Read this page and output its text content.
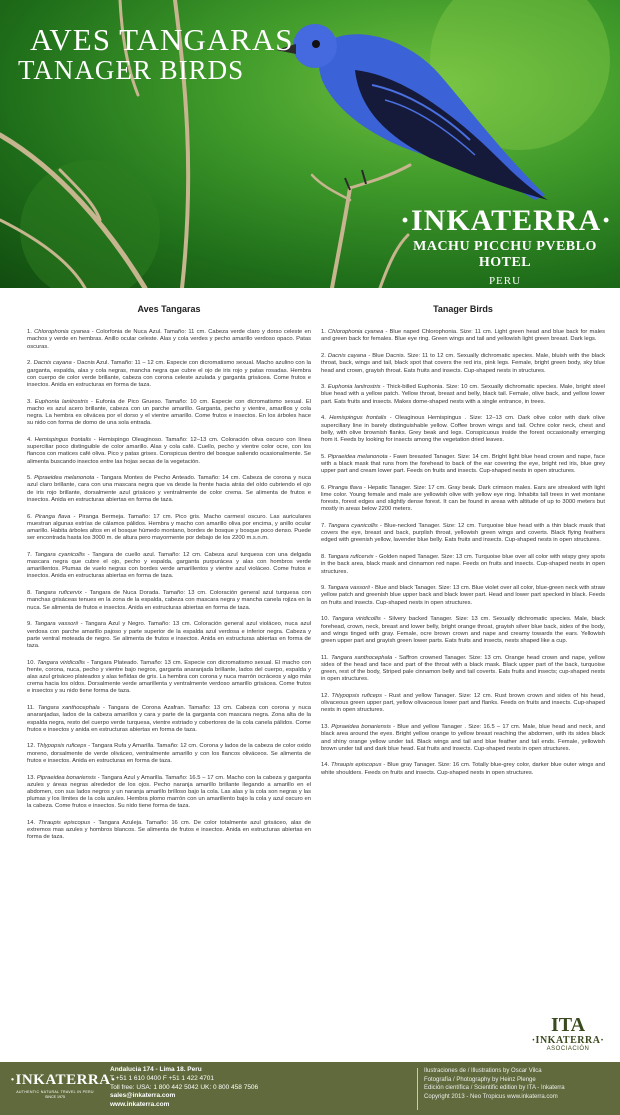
AVES TANGARAS
TANAGER BIRDS
·INKATERRA·
MACHU PICCHU PVEBLO HOTEL
PERU
Aves Tangaras

1. Chlorophonia cyanea - Colorfonia de Nuca Azul. Tamaño: 11 cm. Cabeza verde claro y dorso celeste en machos y verde en hembras. Anillo ocular celeste. Alas y cola verdes y pecho amarillo verdoso opaco. Patas oscuras.

2. Dacnis cayana - Dacnis Azul. Tamaño: 11 – 12 cm. Especie con dicromatismo sexual. Macho azulino con la garganta, espalda, alas y cola negras, mancha negra que cubre el ojo de iris rojo y patas rosadas. Hembra con cuerpo de color verde brillante, cabeza con corona celeste azulada y garganta grisácea. Come frutos e insectos. Anida en estructuras en forma de taza.

3. Euphonia laniirostris - Eufonia de Pico Grueso. Tamaño: 10 cm. Especie con dicromatismo sexual. El macho es azul acero brillante, cabeza con un parche amarillo. Garganta, pecho y vientre, amarillos y cola negra. La hembra es olivácea por el dorso y el vientre amarillo. Come frutos e insectos. En los árboles hace su nido con forma de domo de una sola entrada.

4. Hemispingus frontalis - Hemispingo Oleaginoso. Tamaño: 12–13 cm. Coloración oliva oscuro con línea superciliar poco distinguible de color amarillo. Alas y cola café. Cuello, pecho y vientre color ocre, con los flancos con matices café oliva. Pico y patas grises. Conspicua dentro del bosque saliendo ocasionalmente. Se alimenta buscando insectos entre las hojas secas de la vegetación.

5. Pipraeidea melanonota - Tangara Montes de Pecho Anteado. Tamaño: 14 cm. Cabeza de corona y nuca azul claro brillante, cara con una mascara negra que va desde la frente hacia atrás del oído cubriendo el ojo de iris rojo brillante, dorsalmente azul grisáceo y ventralmente de color crema. Se alimenta de frutos e insectos. Anida en estructuras abiertas en forma de taza.

6. Piranga flava - Piranga Bermeja. Tamaño: 17 cm. Pico gris. Macho carmesí oscuro. Las auriculares muestran algunas estrías de cálamos pálidos. Hembra y macho con amarillo oliva por encima, y anillo ocular amarillo. Habita árboles altos en el bosque húmedo montano, bordes de bosque y bosque poco denso. Puede ser encontrada hasta los 3000 m. de altura pero mayormente por debajo de los 2200 m.s.n.m.

7. Tangara cyanicollis - Tangara de cuello azul. Tamaño: 12 cm. Cabeza azul turquesa con una delgada mascara negra que cubre el ojo, pecho y espalda, garganta purpurácea y alas con hombros verde amarillentos. Plumas de vuelo negras con bordes verde amarillentos y vientre azul violáceo. Come frutos e insectos. Anida en estructuras abiertas en forma de taza.

8. Tangara ruficervix - Tangara de Nuca Dorada. Tamaño: 13 cm. Coloración general azul turquesa con manchas grisáceas tenues en la zona de la espalda, cabeza con mascara negra y mancha canela rojiza en la nuca. Se alimenta de frutos e insectos. Anida en estructuras abiertas en forma de taza.

9. Tangara vassorii - Tangara Azul y Negro. Tamaño: 13 cm. Coloración general azul violáceo, nuca azul verdosa con parche amarillo pajoso y parte superior de la espalda azul verdosa e inferior negra. Cabeza y parte ventral moteada de negro. Se alimenta de frutos e insectos. Anida en estructuras abiertas en forma de taza.

10. Tangara viridicollis - Tangara Plateado. Tamaño: 13 cm. Especie con dicromatismo sexual. El macho con frente, corona, nuca, pecho y vientre bajo negros, garganta anaranjada brillante, lados del cuerpo, espalda y alas azul grisáceo plateados y alas teñidas de gris. La hembra con corona y nuca marrón ocráceos y algo más crema hacia los oídos. Dorsalmente verde amarillenta y ventralmente verdoso amarillo grisácea. Come frutos e insectos y su nido tiene forma de taza.

11. Tangara xanthocephala - Tangara de Corona Azafran. Tamaño: 13 cm. Cabeza con corona y nuca anaranjadas, lados de la cabeza amarillos y cara y parte de la garganta con mascara negra. Zona alta de la espalda negra, resto del cuerpo verde turquesa, vientre estriado y cobertores de la cola canela pálidos. Come frutos e insectos y anida en estructuras abiertas en forma de taza.

12. Thlypopsis ruficeps - Tangara Rufa y Amarilla. Tamaño: 12 cm. Corona y lados de la cabeza de color oxido moreno, dorsalmente de verde oliváceo, ventralmente amarillo y con los flancos oliváceos. Se alimenta de frutos e insectos. Anida en estructuras en forma de taza.

13. Pipraeidea bonariensis - Tangara Azul y Amarilla. Tamaño: 16.5 – 17 cm. Macho con la cabeza y garganta azules y áreas negras alrededor de los ojos. Pecho naranja amarillo brillante llegando a amarillo en el abdomen, con sus lados negros y un naranja amarillo brilloso bajo la cola. Las alas y la cola son negras y las plumas y los límites de la cola azules. Hembra plomo marrón con un amarillento bajo la cola y azul oscuro en la cabeza. Come frutos e insectos. Su nido tiene forma de taza.

14. Thraupis episcopus - Tangara Azuleja. Tamaño: 16 cm. De color totalmente azul grisáceo, alas de extremos mas azules y hombros blancos. Se alimenta de frutos e insectos. Anida en estructuras abiertas en forma de taza.

Tanager Birds

1. Chlorophonia cyanea - Blue naped Chlorophonia. Size: 11 cm. Light green head and blue back for males and green back for females. Blue eye ring. Green wings and tail and yellowish light green breast. Dark legs.

2. Dacnis cayana - Blue Dacnis. Size: 11 to 12 cm. Sexually dichromatic species. Male, bluish with the black throat, back, wings and tail, black spot that covers the red iris, pink legs. Female, bright green body, sky blue head and crown, grayish throat. Eats fruits and insects. Cup-shaped nests in structures.

3. Euphonia laniirostris - Thick-billed Euphonia. Size: 10 cm. Sexually dichromatic species. Male, bright steel blue head with a yellow patch. Yellow throat, breast and belly, black tail. Female, olive back, and yellow lower part. Eats fruits and insects. Makes dome-shaped nests with a single entrance, in trees.

4. Hemispingus frontalis - Oleaginous Hemispingus . Size: 12–13 cm. Dark olive color with dark olive superciliary line in barely distinguishable yellow. Coffee brown wings and tail. Ochre color neck, chest and belly, with olive brownish flanks. Grey beak and legs. Conspicuous inside the forest occasionally emerging from it. Feeds by looking for insects among the vegetation dried leaves.

5. Pipraeidea melanonota - Fawn breasted Tanager. Size: 14 cm. Bright light blue head crown and nape, face with a black mask that runs from the forehead to back of the ear covering the eye, bright red iris, blue grey upper part and cream lower part. Feeds on fruits and insects. Cup-shaped nests in open structures.

6. Piranga flava - Hepatic Tanager. Size: 17 cm. Gray beak. Dark crimson males. Ears are streaked with light lime color. Young female and male are yellowish olive with yellow eye ring. Inhabits tall trees in wet montane forests, forest edges and slightly dense forest. It can be found in areas with altitude of up to 3000 meters but mostly in areas below 2200 meters.

7. Tangara cyanicollis - Blue-necked Tanager. Size: 12 cm. Turquoise blue head with a thin black mask that covers the eye, breast and back, purplish throat, yellowish green wings and coverts. Black flying feathers edged with greenish yellow, lavender blue belly. Eats fruits and insects. Cup-shaped nests in open structures.

8. Tangara ruficervix - Golden naped Tanager. Size: 13 cm. Turquoise blue over all color with wispy grey spots in the back area, black mask and cinnamon red nape. Feeds on fruits and insects. Cup-shaped nests in open structures.

9. Tangara vassorii - Blue and black Tanager. Size: 13 cm. Blue violet over all color, blue-green neck with straw yellow patch and greenish blue upper back and black lower part. Head and lower part specked in black. Feeds on fruits and insects. Cup-shaped nests in open structures.

10. Tangara viridicollis - Silvery backed Tanager. Size: 13 cm. Sexually dichromatic species. Male, black forehead, crown, neck, breast and lower belly, bright orange throat, grayish silver blue back, sides of the body, and wings tinged with gray. Female, ocre brown crown and nape and creamy towards the ears. Yellowish green upper part and grayish green lower parts. Eats fruits and insects, nests shaped like a cup.

11. Tangara xanthocephala - Saffron crowned Tanager. Size: 13 cm. Orange head crown and nape, yellow sides of the head and face and part of the throat with a black mask. Black upper part of the back, turquoise green, rest of the body, Striped pale cinnamon belly and tail coverts. Eats fruits and insects; cup-shaped nests in open structures.

12. Thlypopsis ruficeps - Rust and yellow Tanager. Size: 12 cm. Rust brown crown and sides of his head, olivaceous green upper part, yellow olivaceous lower part and flanks. Feeds on fruits and insects. Cup-shaped nests in open structures.

13. Pipraeidea bonariensis - Blue and yellow Tanager . Size: 16.5 – 17 cm. Male, blue head and neck, and black area around the eyes. Bright yellow orange to yellow breast reaching the abdomen, with its sides black and shiny orange yellow under tail. Black wings and tail and blue feather and tail ends. Female, yellowish brown under tail and dark blue head. Eat fruits and insects. Cup-shaped nests in open structures.

14. Thraupis episcopus - Blue gray Tanager. Size: 16 cm. Totally blue-grey color, darker blue outer wings and white shoulders. Feeds on fruits and insects. Cup-shaped nests in open structures.

ITA
·INKATERRA·
ASOCIACIÓN
·INKATERRA·
AUTHENTIC NATURAL TRAVEL IN PERU
SINCE 1975
Andalucia 174 - Lima 18. Peru
T +51 1 610 0400 F +51 1 422 4701
Toll free: USA: 1 800 442 5042 UK: 0 800 458 7506
sales@inkaterra.com
www.inkaterra.com
Ilustraciones de / Illustrations by Oscar Vilca
Fotografía / Photography by Heinz Plenge
Edición científica / Scientific edition by ITA - Inkaterra
Copyright 2013 - Neo Tropicus www.inkaterra.com
